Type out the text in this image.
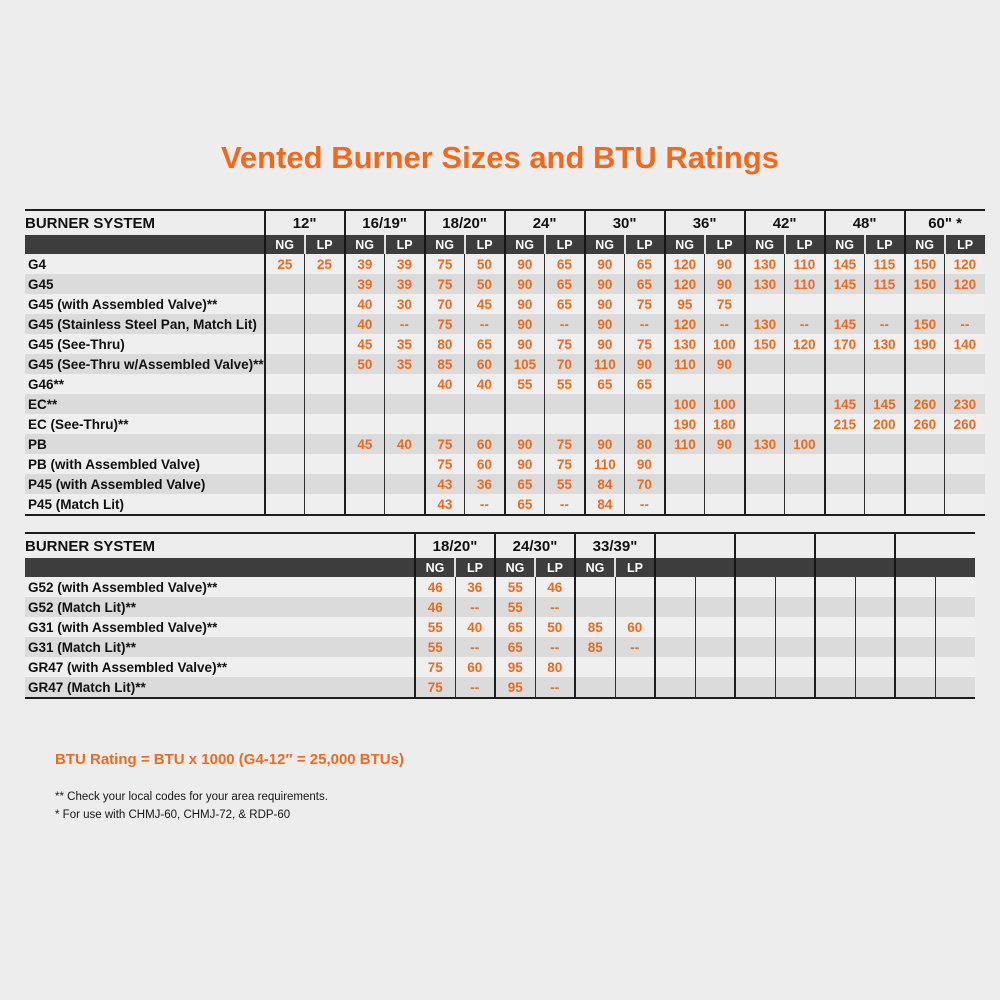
Vented Burner Sizes and BTU Ratings
BURNER SYSTEM	12"		16/19"		18/20"		24"		30"		36"		42"		48"		60" *	
	NG	LP	NG	LP	NG	LP	NG	LP	NG	LP	NG	LP	NG	LP	NG	LP	NG	LP
G4	25	25	39	39	75	50	90	65	90	65	120	90	130	110	145	115	150	120
G45			39	39	75	50	90	65	90	65	120	90	130	110	145	115	150	120
G45 (with Assembled Valve)**			40	30	70	45	90	65	90	75	95	75						
G45 (Stainless Steel Pan, Match Lit)			40	--	75	--	90	--	90	--	120	--	130	--	145	--	150	--
G45 (See-Thru)			45	35	80	65	90	75	90	75	130	100	150	120	170	130	190	140
G45 (See-Thru w/Assembled Valve)**			50	35	85	60	105	70	110	90	110	90						
G46**					40	40	55	55	65	65								
EC**											100	100			145	145	260	230
EC (See-Thru)**											190	180			215	200	260	260
PB			45	40	75	60	90	75	90	80	110	90	130	100				
PB (with Assembled Valve)					75	60	90	75	110	90								
P45 (with Assembled Valve)					43	36	65	55	84	70								
P45 (Match Lit)					43	--	65	--	84	--								
BURNER SYSTEM	18/20"		24/30"		33/39"									
	NG	LP	NG	LP	NG	LP								
G52 (with Assembled Valve)**	46	36	55	46										
G52 (Match Lit)**	46	--	55	--										
G31 (with Assembled Valve)**	55	40	65	50	85	60								
G31 (Match Lit)**	55	--	65	--	85	--								
GR47 (with Assembled Valve)**	75	60	95	80										
GR47 (Match Lit)**	75	--	95	--										
BTU Rating = BTU x 1000 (G4-12″ = 25,000 BTUs)
** Check your local codes for your area requirements.
* For use with CHMJ-60, CHMJ-72, & RDP-60
